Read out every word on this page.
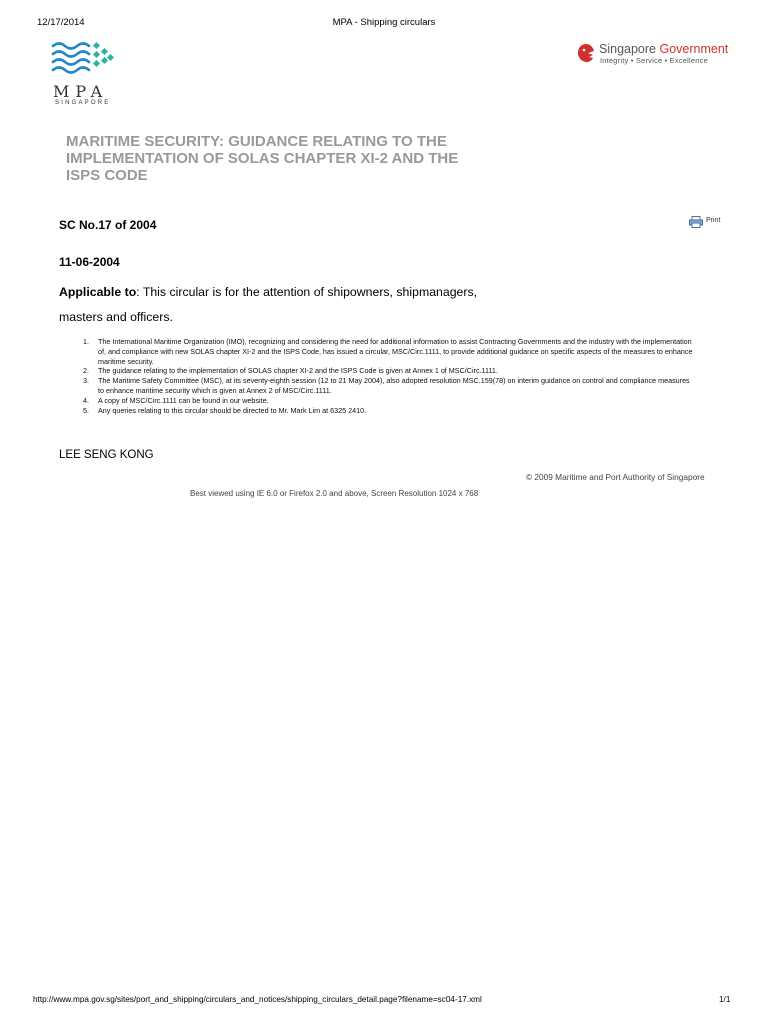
12/17/2014	MPA - Shipping circulars
MPA
SINGAPORE
Singapore Government
Integrity • Service • Excellence
MARITIME SECURITY: GUIDANCE RELATING TO THE IMPLEMENTATION OF SOLAS CHAPTER XI-2 AND THE ISPS CODE
SC No.17 of 2004	Print
11-06-2004
Applicable to: This circular is for the attention of shipowners, shipmanagers,
masters and officers.
1. The International Maritime Organization (IMO), recognizing and considering the need for additional information to assist Contracting Governments and the industry with the implementation of, and compliance with new SOLAS chapter XI-2 and the ISPS Code, has issued a circular, MSC/Circ.1111, to provide additional guidance on specific aspects of the measures to enhance maritime security.
2. The guidance relating to the implementation of SOLAS chapter XI-2 and the ISPS Code is given at Annex 1 of MSC/Circ.1111.
3. The Maritime Safety Committee (MSC), at its seventy-eighth session (12 to 21 May 2004), also adopted resolution MSC.159(78) on interim guidance on control and compliance measures to enhance maritime security which is given at Annex 2 of MSC/Circ.1111.
4. A copy of MSC/Circ.1111 can be found in our website.
5. Any queries relating to this circular should be directed to Mr. Mark Lim at 6325 2410.
LEE SENG KONG
© 2009 Maritime and Port Authority of Singapore
Best viewed using IE 6.0 or Firefox 2.0 and above, Screen Resolution 1024 x 768
http://www.mpa.gov.sg/sites/port_and_shipping/circulars_and_notices/shipping_circulars_detail.page?filename=sc04-17.xml	1/1
